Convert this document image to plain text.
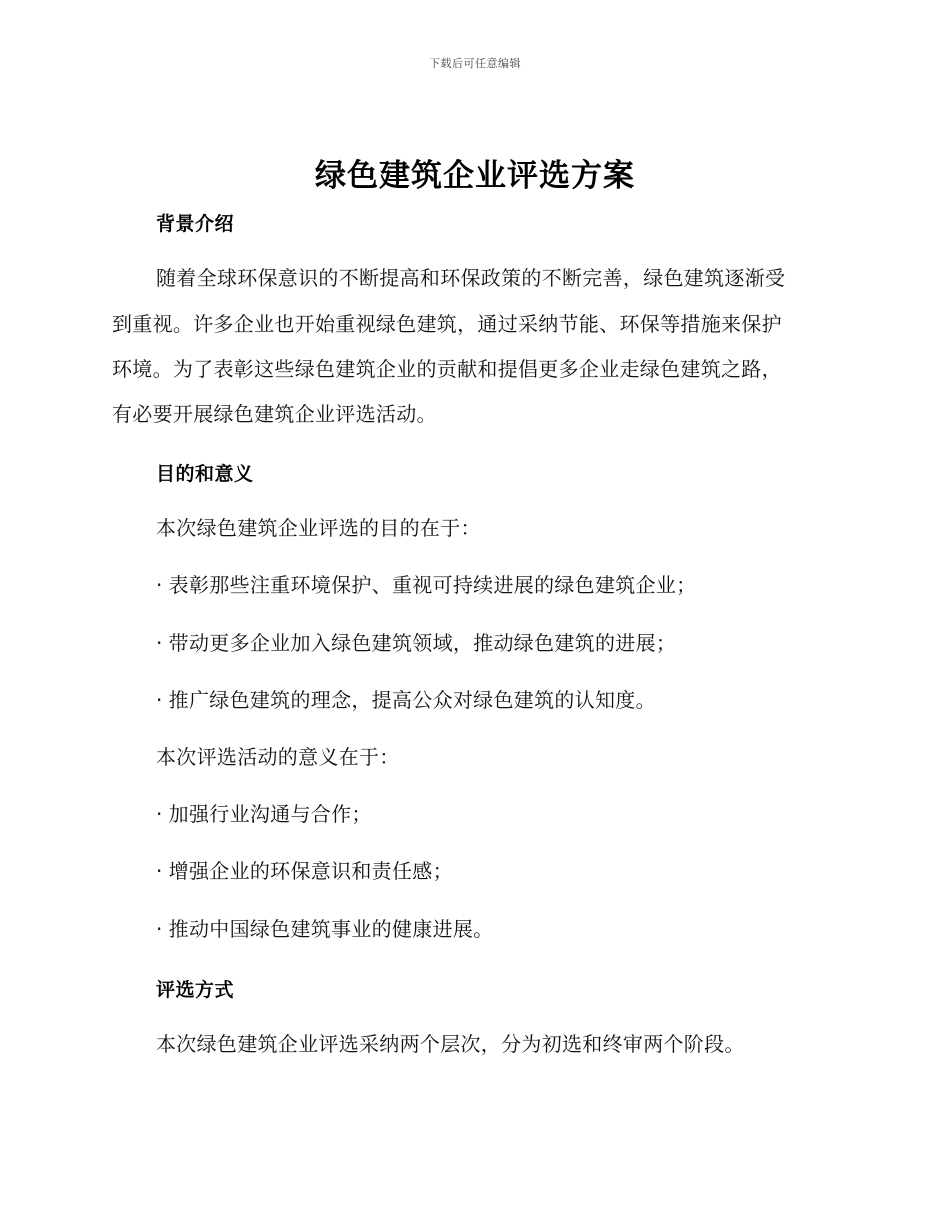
下载后可任意编辑
绿色建筑企业评选方案
背景介绍
随着全球环保意识的不断提高和环保政策的不断完善，绿色建筑逐渐受
到重视。许多企业也开始重视绿色建筑，通过采纳节能、环保等措施来保护
环境。为了表彰这些绿色建筑企业的贡献和提倡更多企业走绿色建筑之路，
有必要开展绿色建筑企业评选活动。
目的和意义
本次绿色建筑企业评选的目的在于：
· 表彰那些注重环境保护、重视可持续进展的绿色建筑企业；
· 带动更多企业加入绿色建筑领域，推动绿色建筑的进展；
· 推广绿色建筑的理念，提高公众对绿色建筑的认知度。
本次评选活动的意义在于：
· 加强行业沟通与合作；
· 增强企业的环保意识和责任感；
· 推动中国绿色建筑事业的健康进展。
评选方式
本次绿色建筑企业评选采纳两个层次，分为初选和终审两个阶段。
